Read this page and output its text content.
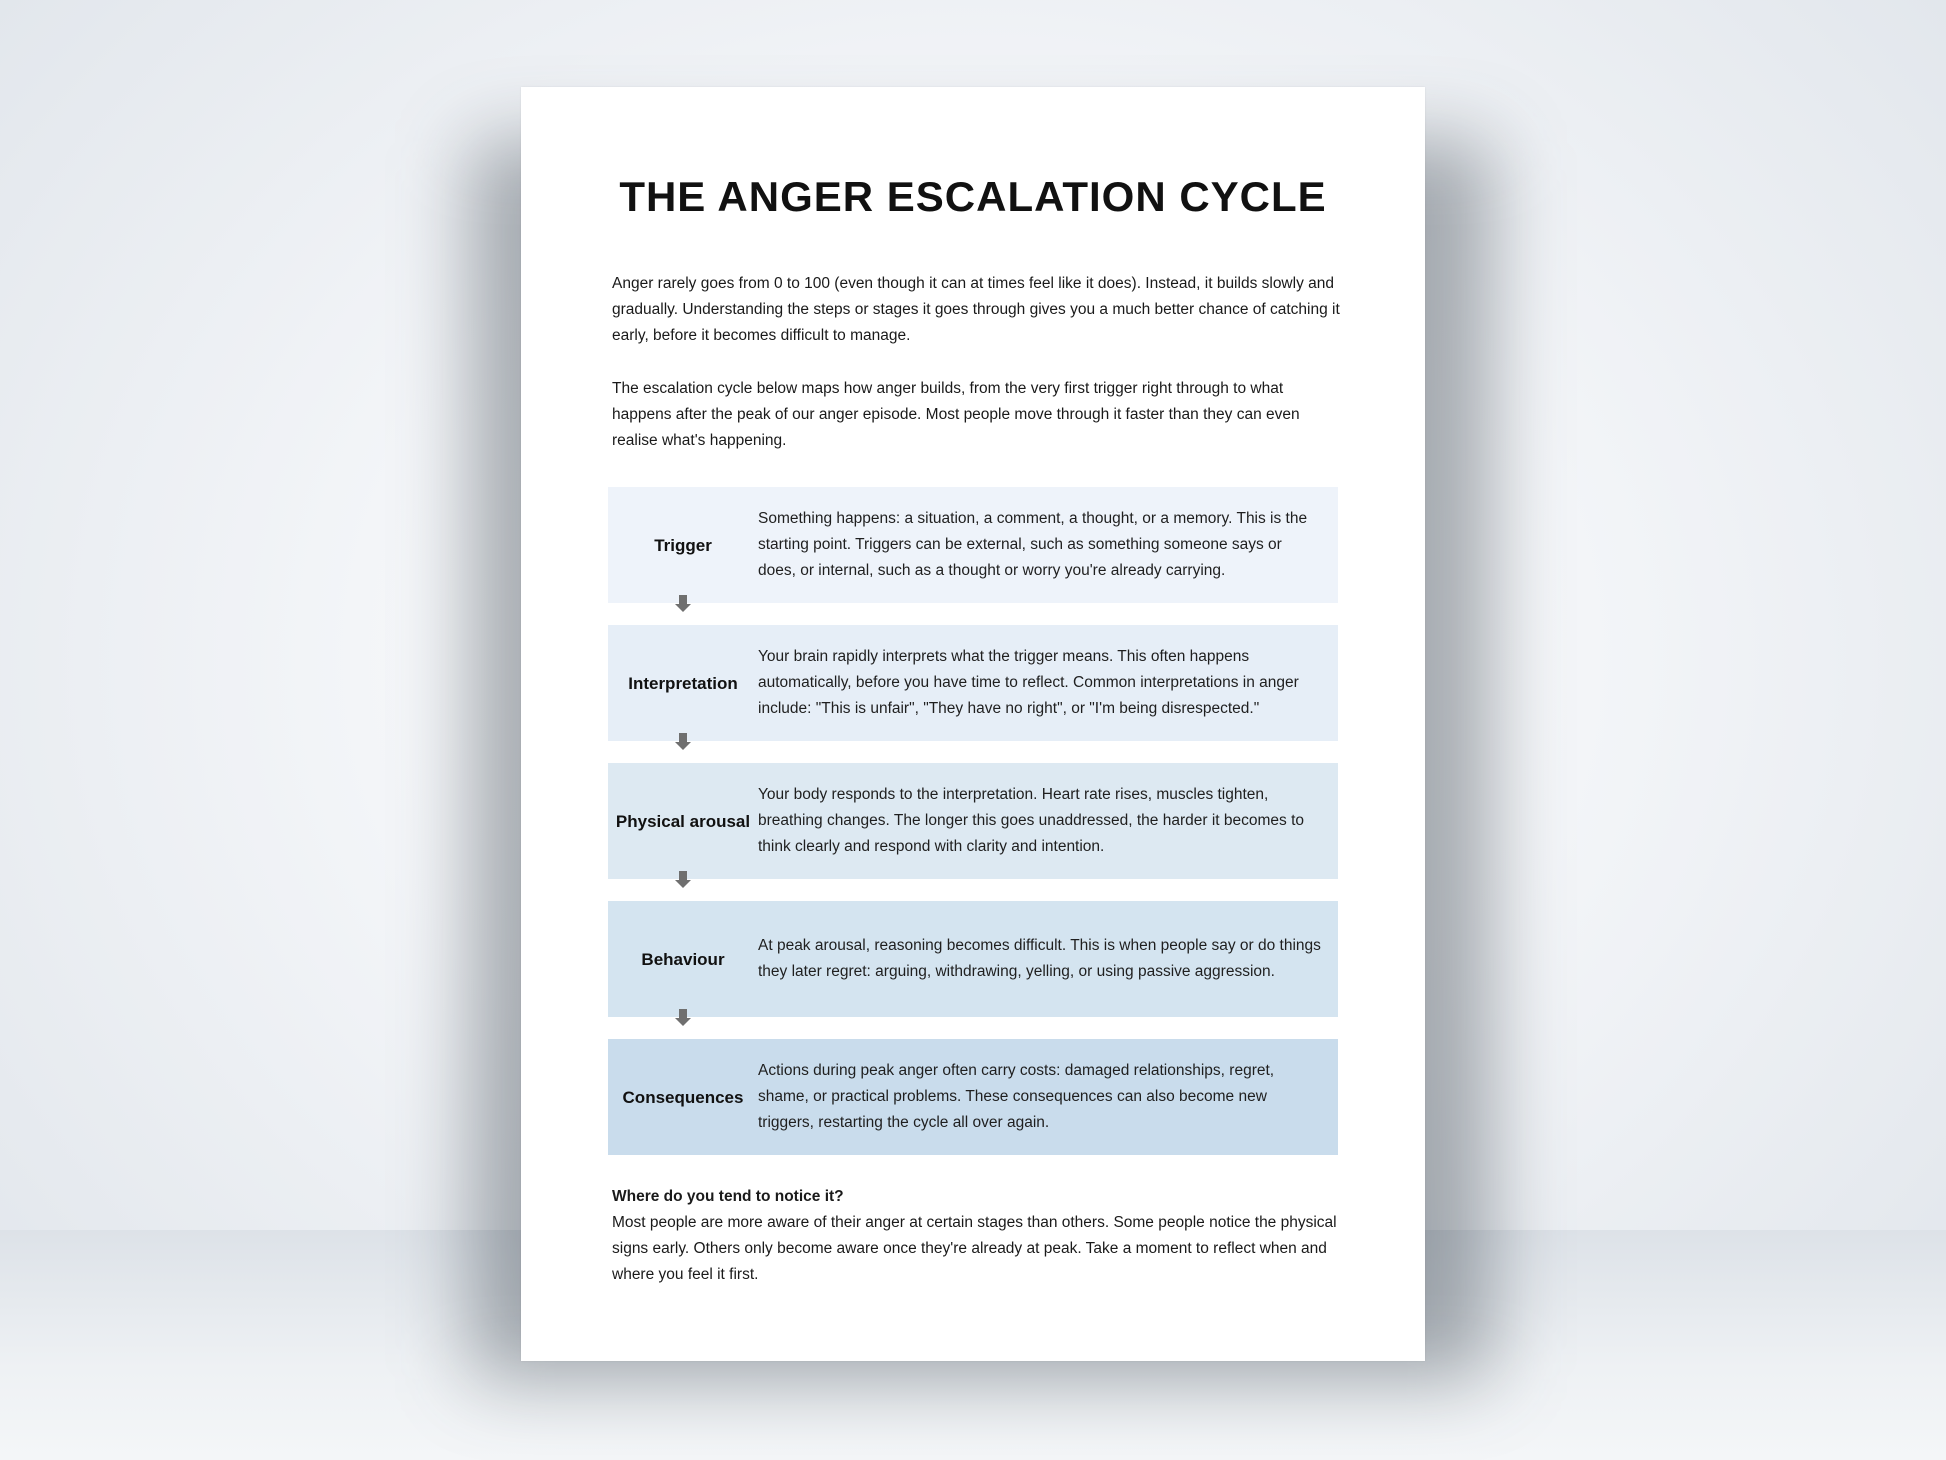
THE ANGER ESCALATION CYCLE

Anger rarely goes from 0 to 100 (even though it can at times feel like it does). Instead, it builds slowly and gradually. Understanding the steps or stages it goes through gives you a much better chance of catching it early, before it becomes difficult to manage.

The escalation cycle below maps how anger builds, from the very first trigger right through to what happens after the peak of our anger episode. Most people move through it faster than they can even realise what's happening.

Trigger
Something happens: a situation, a comment, a thought, or a memory. This is the starting point. Triggers can be external, such as something someone says or does, or internal, such as a thought or worry you're already carrying.
Interpretation
Your brain rapidly interprets what the trigger means. This often happens automatically, before you have time to reflect. Common interpretations in anger include: "This is unfair", "They have no right", or "I'm being disrespected."
Physical arousal
Your body responds to the interpretation. Heart rate rises, muscles tighten, breathing changes. The longer this goes unaddressed, the harder it becomes to think clearly and respond with clarity and intention.
Behaviour
At peak arousal, reasoning becomes difficult. This is when people say or do things they later regret: arguing, withdrawing, yelling, or using passive aggression.
Consequences
Actions during peak anger often carry costs: damaged relationships, regret, shame, or practical problems. These consequences can also become new triggers, restarting the cycle all over again.
Where do you tend to notice it?
Most people are more aware of their anger at certain stages than others. Some people notice the physical signs early. Others only become aware once they're already at peak. Take a moment to reflect when and where you feel it first.
